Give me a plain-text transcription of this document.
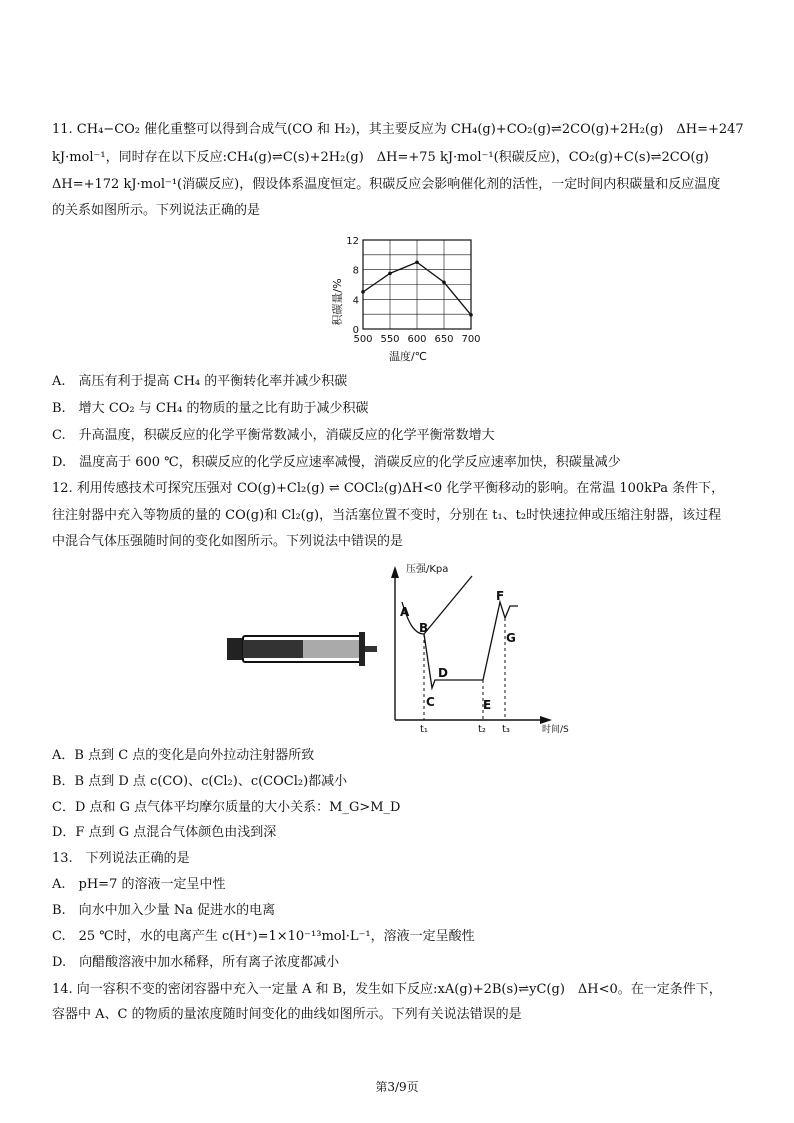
11. CH₄−CO₂ 催化重整可以得到合成气(CO 和 H₂)，其主要反应为 CH₄(g)+CO₂(g)⇌2CO(g)+2H₂(g)　ΔH=+247
kJ·mol⁻¹，同时存在以下反应:CH₄(g)⇌C(s)+2H₂(g)　ΔH=+75 kJ·mol⁻¹(积碳反应)，CO₂(g)+C(s)⇌2CO(g)
ΔH=+172 kJ·mol⁻¹(消碳反应)，假设体系温度恒定。积碳反应会影响催化剂的活性，一定时间内积碳量和反应温度
的关系如图所示。下列说法正确的是
0
4
8
12
500 550 600 650 700
积碳量/%
温度/℃
A.　高压有利于提高 CH₄ 的平衡转化率并减少积碳
B.　增大 CO₂ 与 CH₄ 的物质的量之比有助于减少积碳
C.　升高温度，积碳反应的化学平衡常数减小，消碳反应的化学平衡常数增大
D.　温度高于 600 ℃，积碳反应的化学反应速率减慢，消碳反应的化学反应速率加快，积碳量减少
12. 利用传感技术可探究压强对 CO(g)+Cl₂(g) ⇌ COCl₂(g)ΔH<0 化学平衡移动的影响。在常温 100kPa 条件下，
往注射器中充入等物质的量的 CO(g)和 Cl₂(g)，当活塞位置不变时，分别在 t₁、t₂时快速拉伸或压缩注射器，该过程
中混合气体压强随时间的变化如图所示。下列说法中错误的是
压强/Kpa
时间/S
A
B
C
D
E
F
G
t₁	t₂ t₃
A．B 点到 C 点的变化是向外拉动注射器所致
B．B 点到 D 点 c(CO)、c(Cl₂)、c(COCl₂)都减小
C．D 点和 G 点气体平均摩尔质量的大小关系：M_G>M_D
D．F 点到 G 点混合气体颜色由浅到深
13.　下列说法正确的是
A.　pH=7 的溶液一定呈中性
B.　向水中加入少量 Na 促进水的电离
C.　25 ℃时，水的电离产生 c(H⁺)=1×10⁻¹³mol·L⁻¹，溶液一定呈酸性
D.　向醋酸溶液中加水稀释，所有离子浓度都减小
14. 向一容积不变的密闭容器中充入一定量 A 和 B，发生如下反应:xA(g)+2B(s)⇌yC(g)　ΔH<0。在一定条件下，
容器中 A、C 的物质的量浓度随时间变化的曲线如图所示。下列有关说法错误的是
第3/9页
